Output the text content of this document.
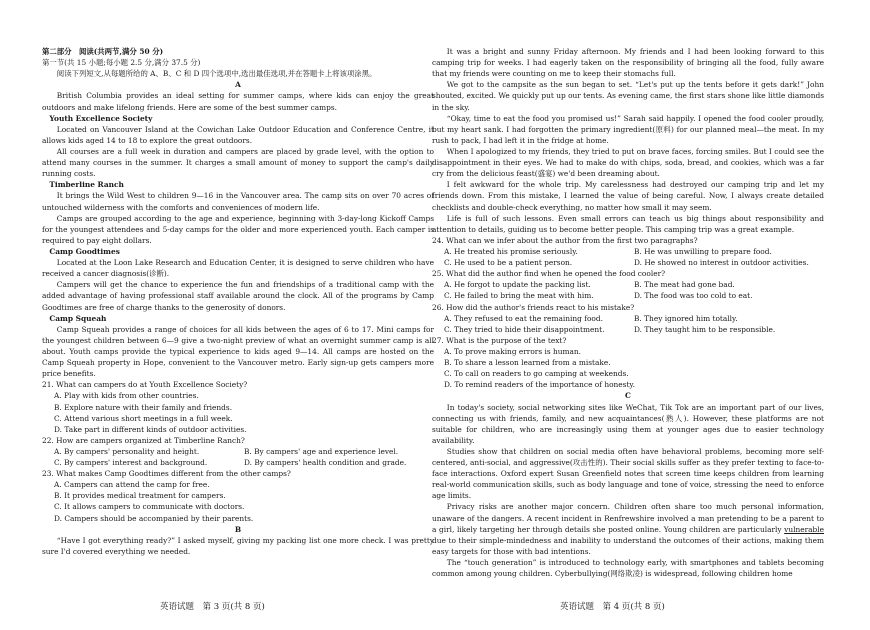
第二部分　阅读(共两节,满分 50 分)

第一节(共 15 小题;每小题 2.5 分,满分 37.5 分)

阅读下列短文,从每题所给的 A、B、C 和 D 四个选项中,选出最佳选项,并在答题卡上将该项涂黑。

A

British Columbia provides an ideal setting for summer camps, where kids can enjoy the great outdoors and make lifelong friends. Here are some of the best summer camps.

Youth Excellence Society

Located on Vancouver Island at the Cowichan Lake Outdoor Education and Conference Centre, it allows kids aged 14 to 18 to explore the great outdoors.

All courses are a full week in duration and campers are placed by grade level, with the option to attend many courses in the summer. It charges a small amount of money to support the camp's daily running costs.

Timberline Ranch

It brings the Wild West to children 9—16 in the Vancouver area. The camp sits on over 70 acres of untouched wilderness with the comforts and conveniences of modern life.

Camps are grouped according to the age and experience, beginning with 3-day-long Kickoff Camps for the youngest attendees and 5-day camps for the older and more experienced youth. Each camper is required to pay eight dollars.

Camp Goodtimes

Located at the Loon Lake Research and Education Center, it is designed to serve children who have received a cancer diagnosis(诊断).

Campers will get the chance to experience the fun and friendships of a traditional camp with the added advantage of having professional staff available around the clock. All of the programs by Camp Goodtimes are free of charge thanks to the generosity of donors.

Camp Squeah

Camp Squeah provides a range of choices for all kids between the ages of 6 to 17. Mini camps for the youngest children between 6—9 give a two-night preview of what an overnight summer camp is all about. Youth camps provide the typical experience to kids aged 9—14. All camps are hosted on the Camp Squeah property in Hope, convenient to the Vancouver metro. Early sign-up gets campers more price benefits.

21. What can campers do at Youth Excellence Society?

A. Play with kids from other countries.

B. Explore nature with their family and friends.

C. Attend various short meetings in a full week.

D. Take part in different kinds of outdoor activities.

22. How are campers organized at Timberline Ranch?

A. By campers' personality and height.	B. By campers' age and experience level.
C. By campers' interest and background.	D. By campers' health condition and grade.

23. What makes Camp Goodtimes different from the other camps?

A. Campers can attend the camp for free.

B. It provides medical treatment for campers.

C. It allows campers to communicate with doctors.

D. Campers should be accompanied by their parents.

B

“Have I got everything ready?” I asked myself, giving my packing list one more check. I was pretty sure I'd covered everything we needed.

It was a bright and sunny Friday afternoon. My friends and I had been looking forward to this camping trip for weeks. I had eagerly taken on the responsibility of bringing all the food, fully aware that my friends were counting on me to keep their stomachs full.

We got to the campsite as the sun began to set. “Let's put up the tents before it gets dark!” John shouted, excited. We quickly put up our tents. As evening came, the first stars shone like little diamonds in the sky.

“Okay, time to eat the food you promised us!” Sarah said happily. I opened the food cooler proudly, but my heart sank. I had forgotten the primary ingredient(原料) for our planned meal—the meat. In my rush to pack, I had left it in the fridge at home.

When I apologized to my friends, they tried to put on brave faces, forcing smiles. But I could see the disappointment in their eyes. We had to make do with chips, soda, bread, and cookies, which was a far cry from the delicious feast(盛宴) we'd been dreaming about.

I felt awkward for the whole trip. My carelessness had destroyed our camping trip and let my friends down. From this mistake, I learned the value of being careful. Now, I always create detailed checklists and double-check everything, no matter how small it may seem.

Life is full of such lessons. Even small errors can teach us big things about responsibility and attention to details, guiding us to become better people. This camping trip was a great example.

24. What can we infer about the author from the first two paragraphs?

A. He treated his promise seriously.	B. He was unwilling to prepare food.
C. He used to be a patient person.	D. He showed no interest in outdoor activities.

25. What did the author find when he opened the food cooler?

A. He forgot to update the packing list.	B. The meat had gone bad.
C. He failed to bring the meat with him.	D. The food was too cold to eat.

26. How did the author's friends react to his mistake?

A. They refused to eat the remaining food.	B. They ignored him totally.
C. They tried to hide their disappointment.	D. They taught him to be responsible.

27. What is the purpose of the text?

A. To prove making errors is human.

B. To share a lesson learned from a mistake.

C. To call on readers to go camping at weekends.

D. To remind readers of the importance of honesty.

C

In today's society, social networking sites like WeChat, Tik Tok are an important part of our lives, connecting us with friends, family, and new acquaintances(熟人). However, these platforms are not suitable for children, who are increasingly using them at younger ages due to easier technology availability.

Studies show that children on social media often have behavioral problems, becoming more self-centered, anti-social, and aggressive(攻击性的). Their social skills suffer as they prefer texting to face-to-face interactions. Oxford expert Susan Greenfield notes that screen time keeps children from learning real-world communication skills, such as body language and tone of voice, stressing the need to enforce age limits.

Privacy risks are another major concern. Children often share too much personal information, unaware of the dangers. A recent incident in Renfrewshire involved a man pretending to be a parent to a girl, likely targeting her through details she posted online. Young children are particularly vulnerable due to their simple-mindedness and inability to understand the outcomes of their actions, making them easy targets for those with bad intentions.

The “touch generation” is introduced to technology early, with smartphones and tablets becoming common among young children. Cyberbullying(网络欺凌) is widespread, following children home

英语试题　第 3 页(共 8 页)	英语试题　第 4 页(共 8 页)
